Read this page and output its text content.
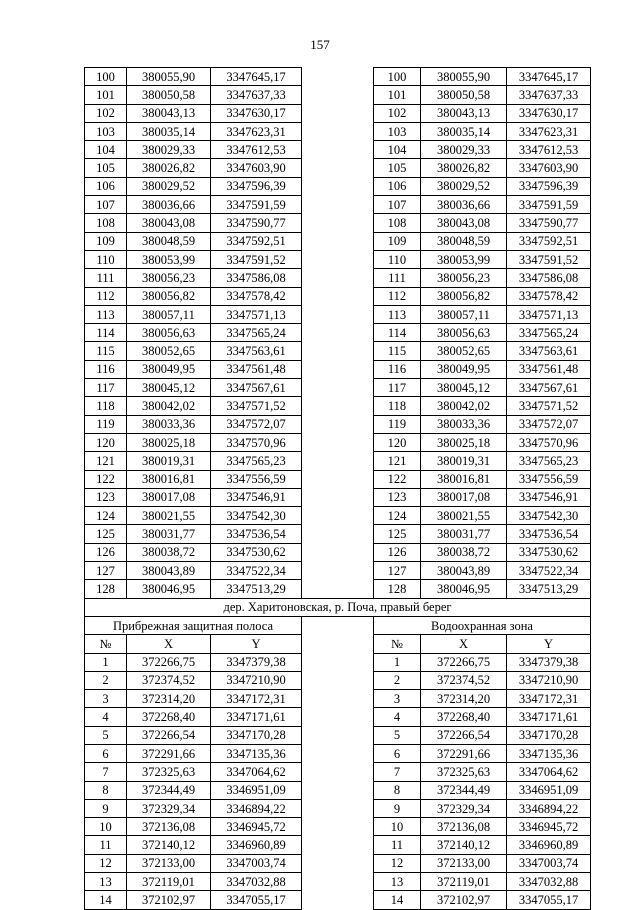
157
100	380055,90	3347645,17		100	380055,90	3347645,17
101	380050,58	3347637,33		101	380050,58	3347637,33
102	380043,13	3347630,17		102	380043,13	3347630,17
103	380035,14	3347623,31		103	380035,14	3347623,31
104	380029,33	3347612,53		104	380029,33	3347612,53
105	380026,82	3347603,90		105	380026,82	3347603,90
106	380029,52	3347596,39		106	380029,52	3347596,39
107	380036,66	3347591,59		107	380036,66	3347591,59
108	380043,08	3347590,77		108	380043,08	3347590,77
109	380048,59	3347592,51		109	380048,59	3347592,51
110	380053,99	3347591,52		110	380053,99	3347591,52
111	380056,23	3347586,08		111	380056,23	3347586,08
112	380056,82	3347578,42		112	380056,82	3347578,42
113	380057,11	3347571,13		113	380057,11	3347571,13
114	380056,63	3347565,24		114	380056,63	3347565,24
115	380052,65	3347563,61		115	380052,65	3347563,61
116	380049,95	3347561,48		116	380049,95	3347561,48
117	380045,12	3347567,61		117	380045,12	3347567,61
118	380042,02	3347571,52		118	380042,02	3347571,52
119	380033,36	3347572,07		119	380033,36	3347572,07
120	380025,18	3347570,96		120	380025,18	3347570,96
121	380019,31	3347565,23		121	380019,31	3347565,23
122	380016,81	3347556,59		122	380016,81	3347556,59
123	380017,08	3347546,91		123	380017,08	3347546,91
124	380021,55	3347542,30		124	380021,55	3347542,30
125	380031,77	3347536,54		125	380031,77	3347536,54
126	380038,72	3347530,62		126	380038,72	3347530,62
127	380043,89	3347522,34		127	380043,89	3347522,34
128	380046,95	3347513,29		128	380046,95	3347513,29
дер. Харитоновская, р. Поча, правый берег						
Прибрежная защитная полоса				Водоохранная зона		
№	X	Y		№	X	Y
1	372266,75	3347379,38		1	372266,75	3347379,38
2	372374,52	3347210,90		2	372374,52	3347210,90
3	372314,20	3347172,31		3	372314,20	3347172,31
4	372268,40	3347171,61		4	372268,40	3347171,61
5	372266,54	3347170,28		5	372266,54	3347170,28
6	372291,66	3347135,36		6	372291,66	3347135,36
7	372325,63	3347064,62		7	372325,63	3347064,62
8	372344,49	3346951,09		8	372344,49	3346951,09
9	372329,34	3346894,22		9	372329,34	3346894,22
10	372136,08	3346945,72		10	372136,08	3346945,72
11	372140,12	3346960,89		11	372140,12	3346960,89
12	372133,00	3347003,74		12	372133,00	3347003,74
13	372119,01	3347032,88		13	372119,01	3347032,88
14	372102,97	3347055,17		14	372102,97	3347055,17
